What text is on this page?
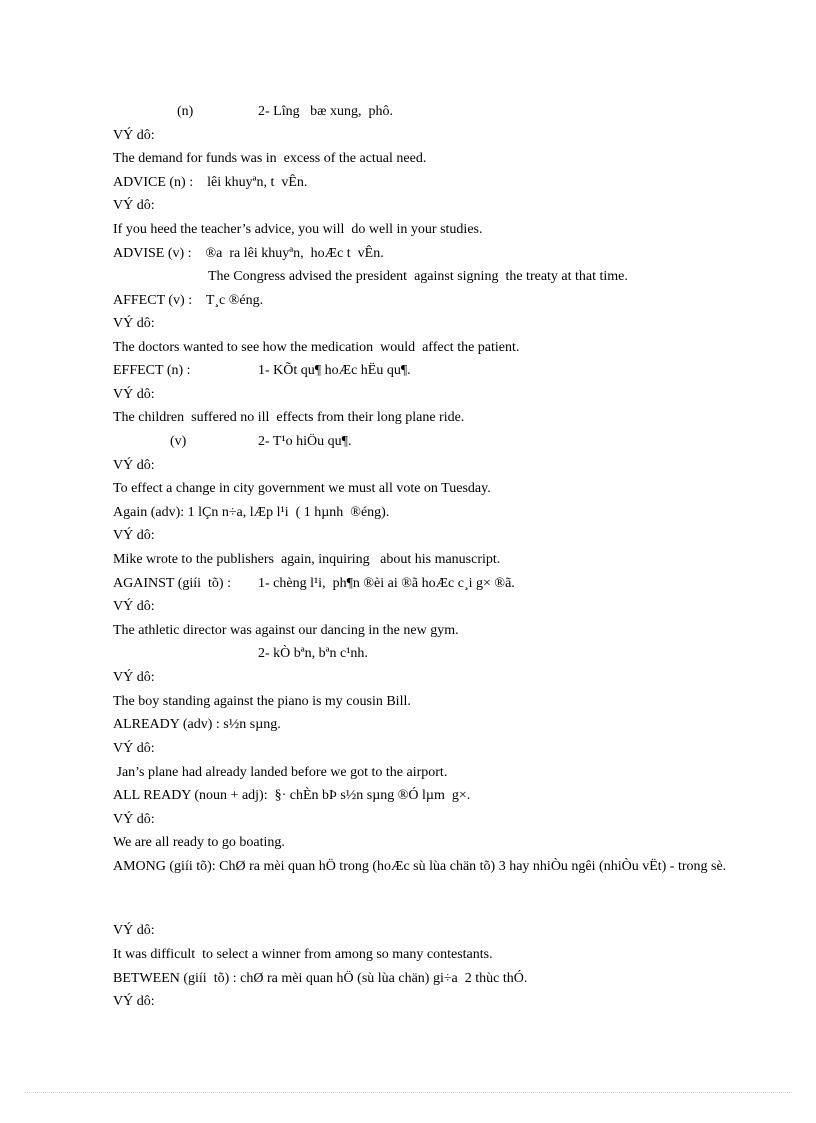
(n)	2- Lîng   bæ xung,  phô.
VÝ dô:
The demand for funds was in  excess of the actual need.
ADVICE (n) :    lêi khuyªn, t  vÊn.
VÝ dô:
If you heed the teacher’s advice, you will  do well in your studies.
ADVISE (v) :    ®a  ra lêi khuyªn,  hoÆc t  vÊn.
The Congress advised the president  against signing  the treaty at that time.
AFFECT (v) :    T¸c ®éng.
VÝ dô:
The doctors wanted to see how the medication  would  affect the patient.
EFFECT (n) :	1- KÕt qu¶ hoÆc hËu qu¶.
VÝ dô:
The children  suffered no ill  effects from their long plane ride.
(v)	2- T¹o hiÖu qu¶.
VÝ dô:
To effect a change in city government we must all vote on Tuesday.
Again (adv): 1 lÇn n÷a, lÆp l¹i  ( 1 hµnh  ®éng).
VÝ dô:
Mike wrote to the publishers  again, inquiring   about his manuscript.
AGAINST (giíi  tõ) : 1- chèng l¹i,  ph¶n ®èi ai ®ã hoÆc c¸i g× ®ã.
VÝ dô:
The athletic director was against our dancing in the new gym.
2- kÒ bªn, bªn c¹nh.
VÝ dô:
The boy standing against the piano is my cousin Bill.
ALREADY (adv) : s½n sµng.
VÝ dô:
Jan’s plane had already landed before we got to the airport.
ALL READY (noun + adj):  §· chÈn bÞ s½n sµng ®Ó lµm  g×.
VÝ dô:
We are all ready to go boating.
AMONG (giíi tõ): ChØ ra mèi quan hÖ trong (hoÆc sù lùa chän tõ) 3 hay nhiÒu ngêi (nhiÒu vËt) - trong sè.
VÝ dô:
It was difficult  to select a winner from among so many contestants.
BETWEEN (giíi  tõ) : chØ ra mèi quan hÖ (sù lùa chän) gi÷a  2 thùc thÓ.
VÝ dô:
